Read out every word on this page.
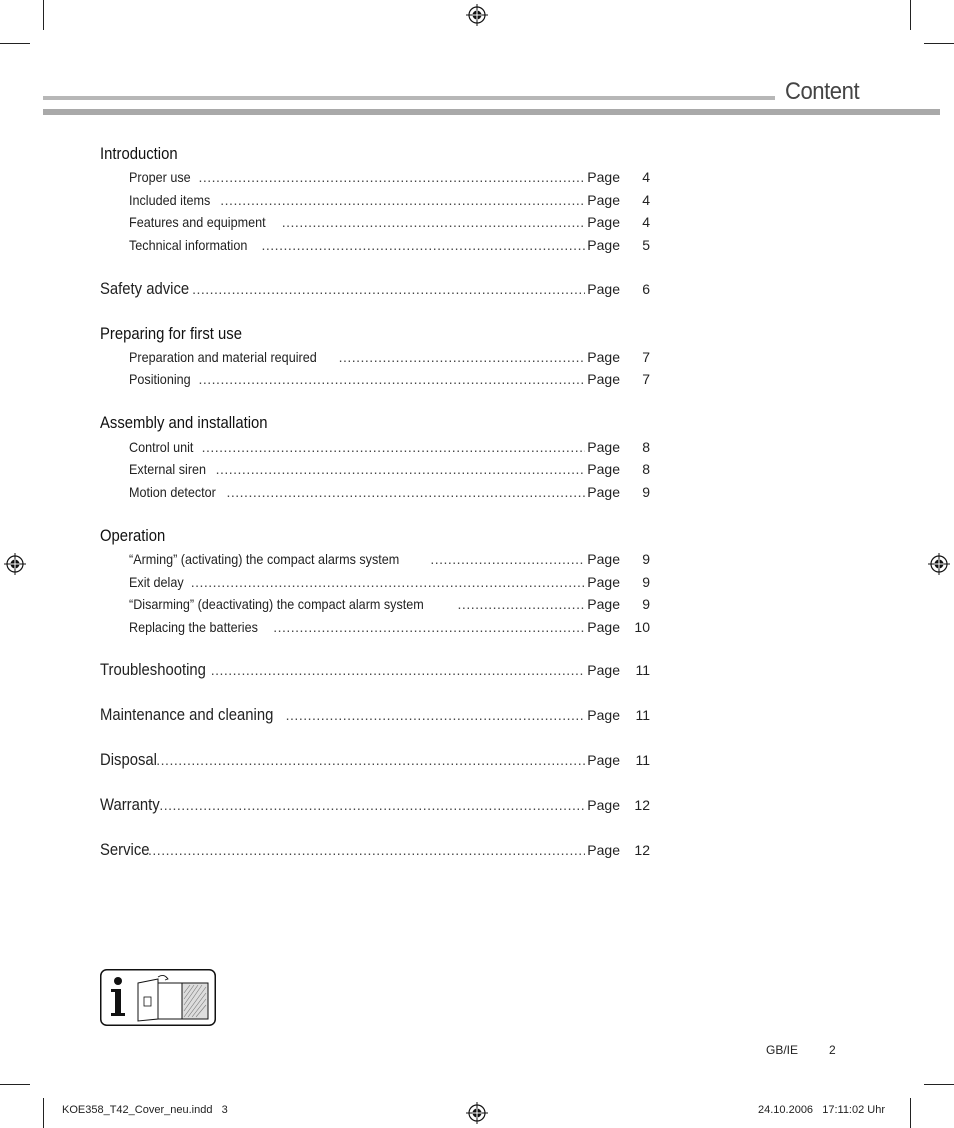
Content
Introduction
Proper use .....	Page	4
Included items .....	Page	4
Features and equipment .....	Page	4
Technical information .....	Page	5
Safety advice .....	Page	6
Preparing for first use
Preparation and material required .....	Page	7
Positioning .....	Page	7
Assembly and installation
Control unit .....	Page	8
External siren .....	Page	8
Motion detector .....	Page	9
Operation
“Arming” (activating) the compact alarms system .....	Page	9
Exit delay .....	Page	9
“Disarming” (deactivating) the compact alarm system .....	Page	9
Replacing the batteries .....	Page	10
Troubleshooting .....	Page	11
Maintenance and cleaning .....	Page	11
Disposal .....	Page	11
Warranty .....	Page	12
Service .....	Page	12
GB/IE	2
KOE358_T42_Cover_neu.indd   3	24.10.2006   17:11:02 Uhr
